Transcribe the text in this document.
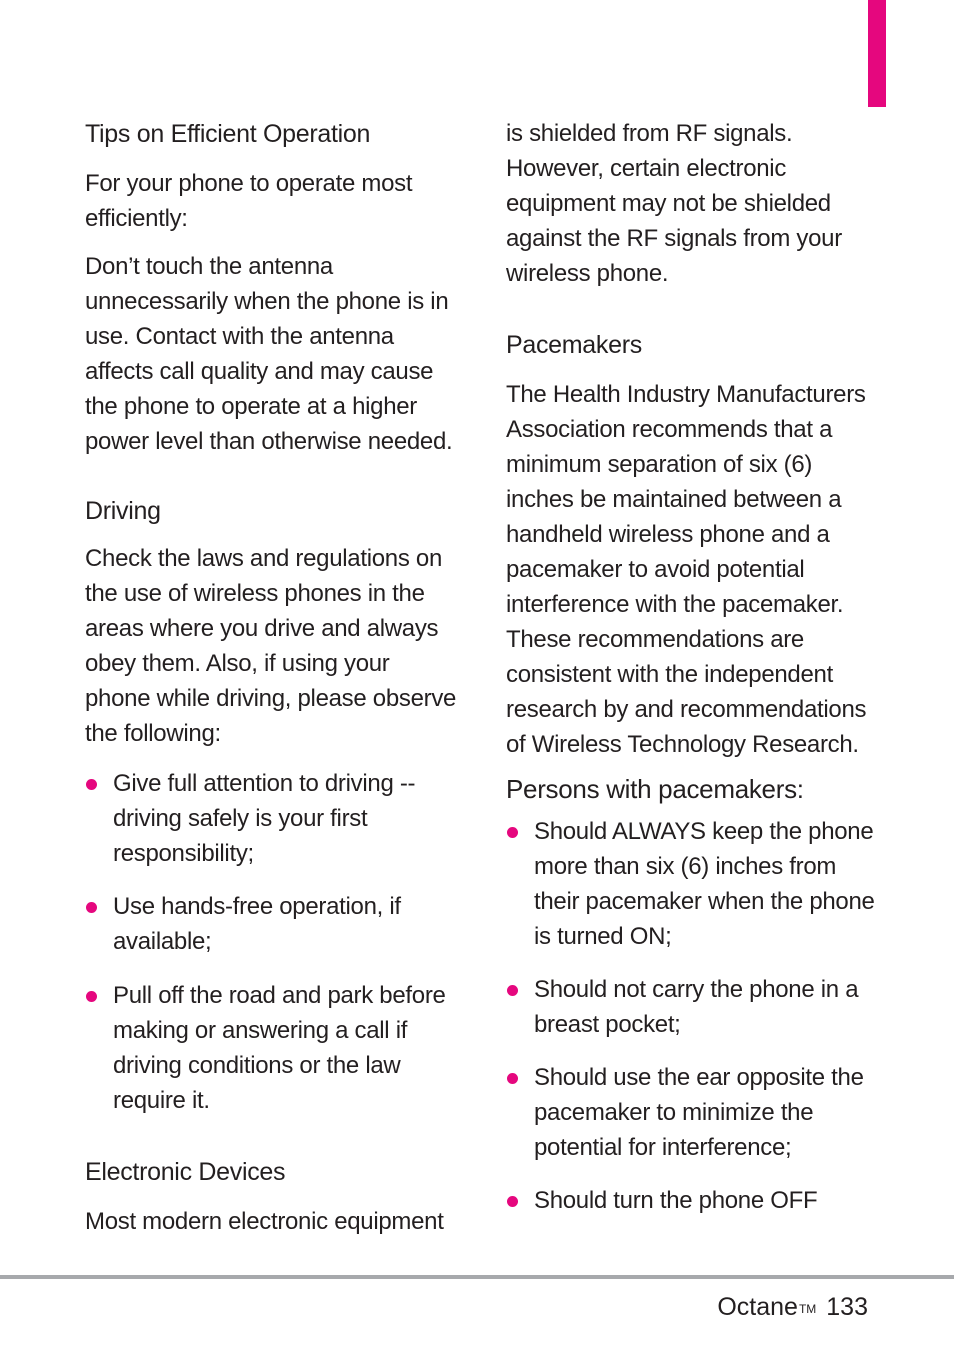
Tips on Efficient Operation

For your phone to operate most efficiently:

Don’t touch the antenna unnecessarily when the phone is in use. Contact with the antenna affects call quality and may cause the phone to operate at a higher power level than otherwise needed.

Driving

Check the laws and regulations on the use of wireless phones in the areas where you drive and always obey them. Also, if using your phone while driving, please observe the following:

Give full attention to driving -- driving safely is your first responsibility;
Use hands-free operation, if available;
Pull off the road and park before making or answering a call if driving conditions or the law require it.
Electronic Devices

Most modern electronic equipment

is shielded from RF signals. However, certain electronic equipment may not be shielded against the RF signals from your wireless phone.

Pacemakers

The Health Industry Manufacturers Association recommends that a minimum separation of six (6) inches be maintained between a handheld wireless phone and a pacemaker to avoid potential interference with the pacemaker. These recommendations are consistent with the independent research by and recommendations of Wireless Technology Research.

Persons with pacemakers:
Should ALWAYS keep the phone more than six (6) inches from their pacemaker when the phone is turned ON;
Should not carry the phone in a breast pocket;
Should use the ear opposite the pacemaker to minimize the potential for interference;
Should turn the phone OFF
Octane™ 133
